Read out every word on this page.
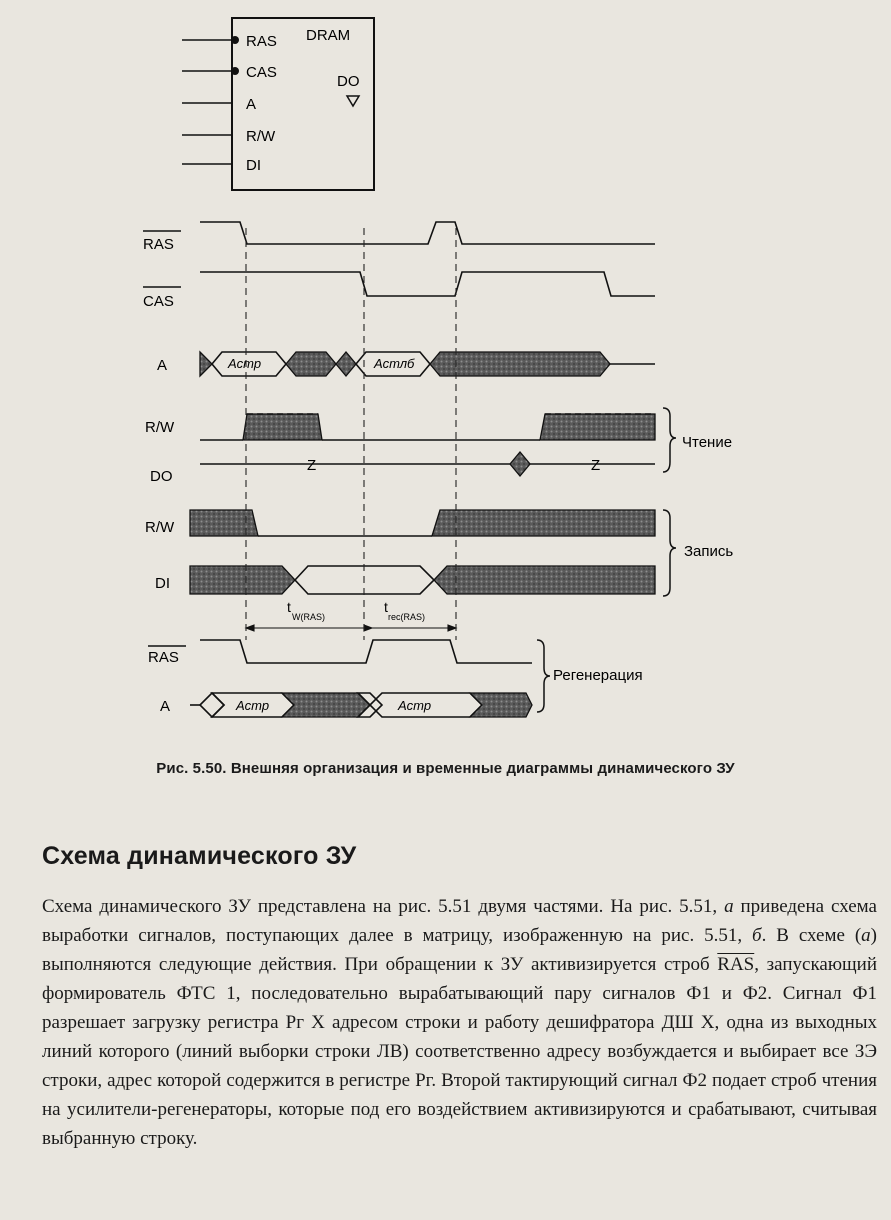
RAS
CAS
A
R/W
DI
DRAM
DO
RAS
CAS
A	Aстр	Aстлб
R/W
DO
Z	Z
R/W
DI
t
W(RAS)
t
rec(RAS)
RAS
A	Aстр	Aстр
Чтение
Запись
Регенерация
Рис. 5.50. Внешняя организация и временные диаграммы динамического ЗУ
Схема динамического ЗУ

Схема динамического ЗУ представлена на рис. 5.51 двумя частями. На рис. 5.51, а приведена схема выработки сигналов, поступающих далее в матрицу, изображенную на рис. 5.51, б. В схеме (а) выполняются следующие действия. При обращении к ЗУ активизируется строб $\overline{RAS}$, запускающий формирователь ФТС 1, последовательно вырабатывающий пару сигналов Ф1 и Ф2. Сигнал Ф1 разрешает загрузку регистра Рг X адресом строки и работу дешифратора ДШ X, одна из выходных линий которого (линий выборки строки ЛВ) соответственно адресу возбуждается и выбирает все ЗЭ строки, адрес которой содержится в регистре Рг. Второй тактирующий сигнал Ф2 подает строб чтения на усилители-регенераторы, которые под его воздействием активизируются и срабатывают, считывая выбранную строку.
